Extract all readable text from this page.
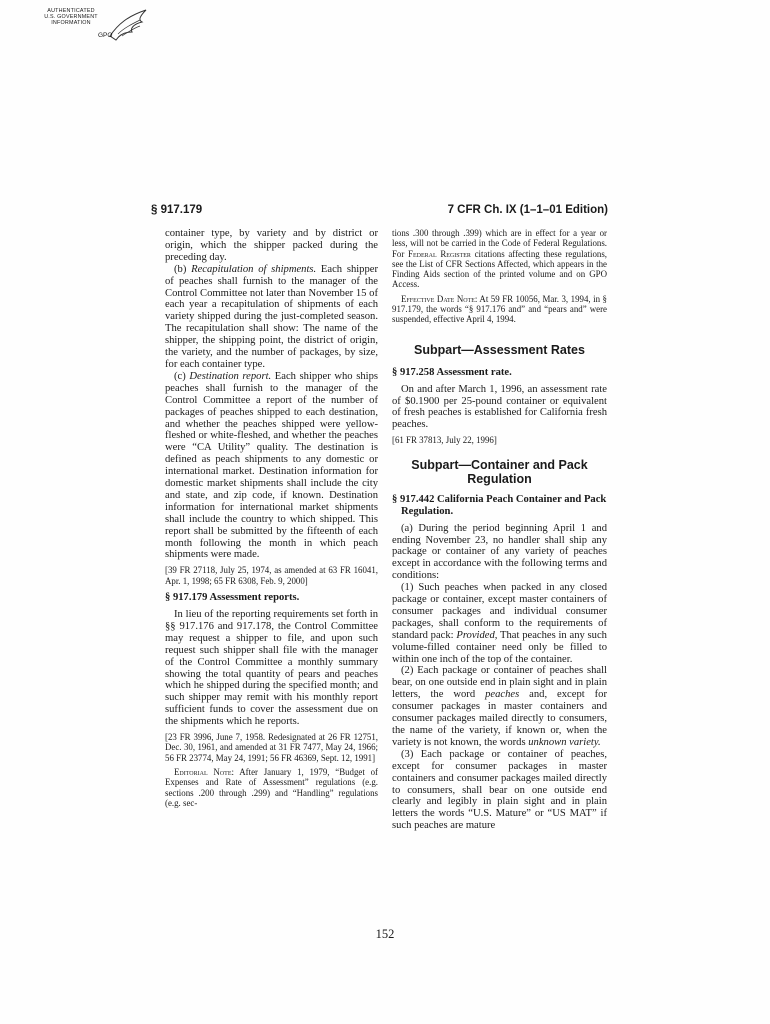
AUTHENTICATED
U.S. GOVERNMENT
INFORMATION
GPO
§ 917.179	7 CFR Ch. IX (1–1–01 Edition)

container type, by variety and by district or origin, which the shipper packed during the preceding day.

(b) Recapitulation of shipments. Each shipper of peaches shall furnish to the manager of the Control Committee not later than November 15 of each year a recapitulation of shipments of each variety shipped during the just-completed season. The recapitulation shall show: The name of the shipper, the shipping point, the district of origin, the variety, and the number of packages, by size, for each container type.

(c) Destination report. Each shipper who ships peaches shall furnish to the manager of the Control Committee a report of the number of packages of peaches shipped to each destination, and whether the peaches shipped were yellow-fleshed or white-fleshed, and whether the peaches were “CA Utility” quality. The destination is defined as peach shipments to any domestic or international market. Destination information for domestic market shipments shall include the city and state, and zip code, if known. Destination information for international market shipments shall include the country to which shipped. This report shall be submitted by the fifteenth of each month following the month in which peach shipments were made.

[39 FR 27118, July 25, 1974, as amended at 63 FR 16041, Apr. 1, 1998; 65 FR 6308, Feb. 9, 2000]

§ 917.179 Assessment reports.

In lieu of the reporting requirements set forth in §§ 917.176 and 917.178, the Control Committee may request a shipper to file, and upon such request such shipper shall file with the manager of the Control Committee a monthly summary showing the total quantity of pears and peaches which he shipped during the specified month; and such shipper may remit with his monthly report sufficient funds to cover the assessment due on the shipments which he reports.

[23 FR 3996, June 7, 1958. Redesignated at 26 FR 12751, Dec. 30, 1961, and amended at 31 FR 7477, May 24, 1966; 56 FR 23774, May 24, 1991; 56 FR 46369, Sept. 12, 1991]

Editorial Note: After January 1, 1979, “Budget of Expenses and Rate of Assessment” regulations (e.g. sections .200 through .299) and “Handling” regulations (e.g. sec-

tions .300 through .399) which are in effect for a year or less, will not be carried in the Code of Federal Regulations. For Federal Register citations affecting these regulations, see the List of CFR Sections Affected, which appears in the Finding Aids section of the printed volume and on GPO Access.

Effective Date Note: At 59 FR 10056, Mar. 3, 1994, in § 917.179, the words “§ 917.176 and” and “pears and” were suspended, effective April 4, 1994.

Subpart—Assessment Rates
§ 917.258 Assessment rate.

On and after March 1, 1996, an assessment rate of $0.1900 per 25-pound container or equivalent of fresh peaches is established for California fresh peaches.

[61 FR 37813, July 22, 1996]

Subpart—Container and Pack Regulation
§ 917.442 California Peach Container and Pack Regulation.

(a) During the period beginning April 1 and ending November 23, no handler shall ship any package or container of any variety of peaches except in accordance with the following terms and conditions:

(1) Such peaches when packed in any closed package or container, except master containers of consumer packages and individual consumer packages, shall conform to the requirements of standard pack: Provided, That peaches in any such volume-filled container need only be filled to within one inch of the top of the container.

(2) Each package or container of peaches shall bear, on one outside end in plain sight and in plain letters, the word peaches and, except for consumer packages in master containers and consumer packages mailed directly to consumers, the name of the variety, if known or, when the variety is not known, the words unknown variety.

(3) Each package or container of peaches, except for consumer packages in master containers and consumer packages mailed directly to consumers, shall bear on one outside end clearly and legibly in plain sight and in plain letters the words “U.S. Mature” or “US MAT” if such peaches are mature

152
